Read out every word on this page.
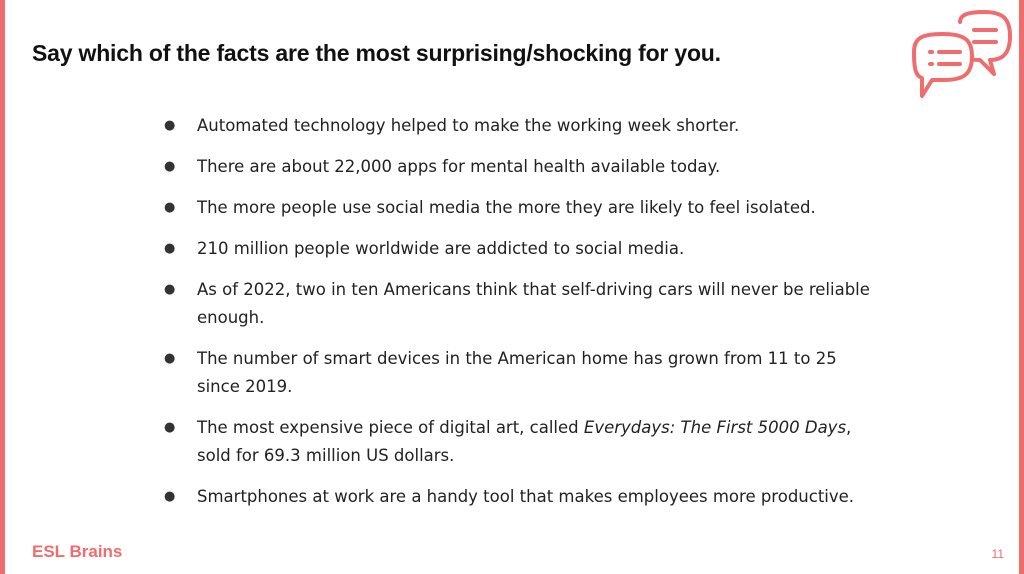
Say which of the facts are the most surprising/shocking for you.
● Automated technology helped to make the working week shorter.
● There are about 22,000 apps for mental health available today.
● The more people use social media the more they are likely to feel isolated.
● 210 million people worldwide are addicted to social media.
● As of 2022, two in ten Americans think that self-driving cars will never be reliable enough.
● The number of smart devices in the American home has grown from 11 to 25 since 2019.
● The most expensive piece of digital art, called Everydays: The First 5000 Days, sold for 69.3 million US dollars.
● Smartphones at work are a handy tool that makes employees more productive.
ESL Brains	11
